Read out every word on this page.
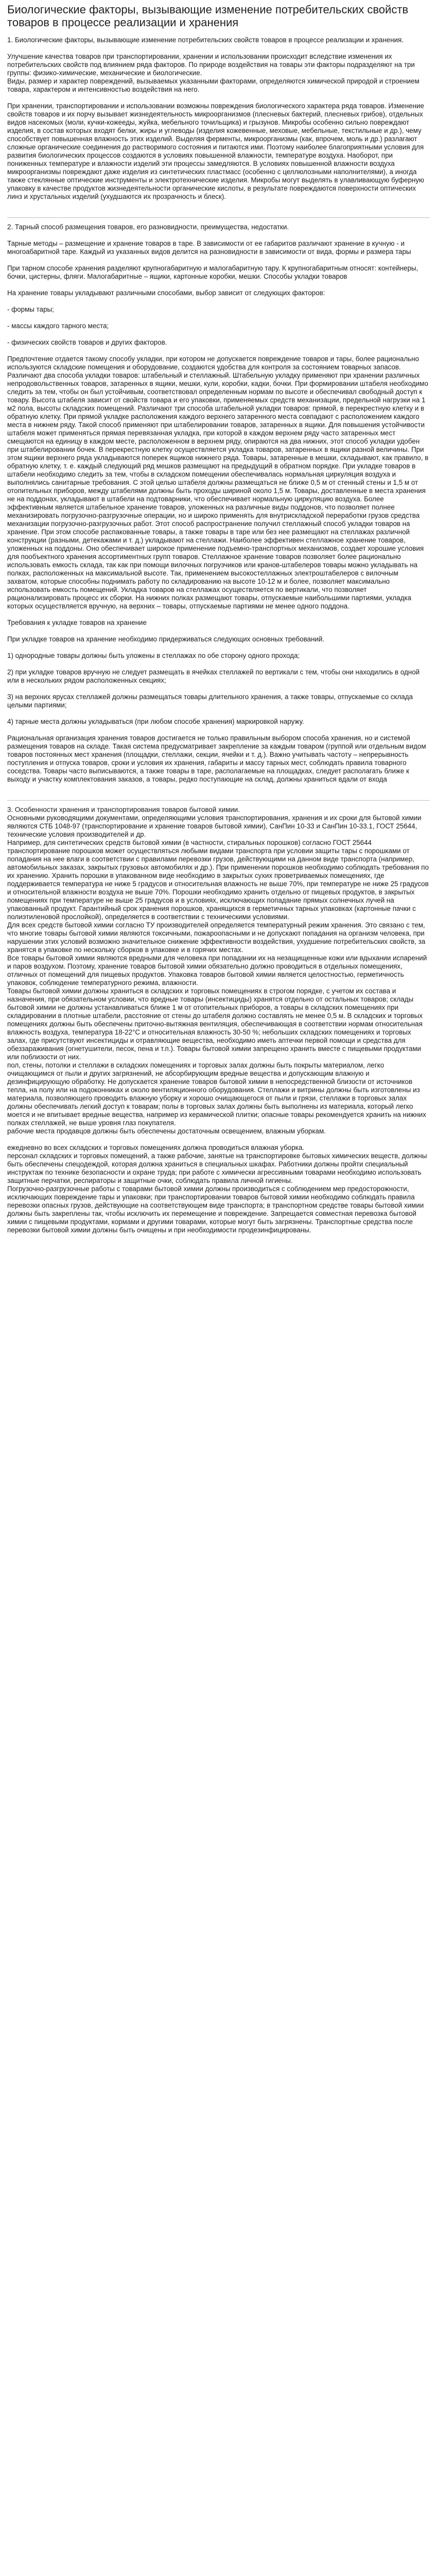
Биологические факторы, вызывающие изменение потребительских свойств товаров в процессе реализации и хранения

1. Биологические факторы, вызывающие изменение потребительских свойств товаров в процессе реализации и хранения.

Улучшение качества товаров при транспортировании, хранении и использовании происходит вследствие изменения их потребительских свойств под влиянием ряда факторов. По природе воздействия на товары эти факторы подразделяют на три группы: физико-химические, механические и биологические.

Виды, размер и характер повреждений, вызываемых указанными факторами, определяются химической природой и строением товара, характером и интенсивностью воздействия на него.

При хранении, транспортировании и использовании возможны повреждения биологического характера ряда товаров. Изменение свойств товаров и их порчу вызывает жизнедеятельность микроорганизмов (плесневых бактерий, плесневых грибов), отдельных видов насекомых (моли, кучки-кожееды, жуйка, мебельного точильщика) и грызунов. Микробы особенно сильно повреждают изделия, в состав которых входят белки, жиры и углеводы (изделия кожевенные, меховые, мебельные, текстильные и др.), чему способствует повышенная влажность этих изделий. Выделяя ферменты, микроорганизмы (как, впрочем, моль и др.) разлагают сложные органические соединения до растворимого состояния и питаются ими. Поэтому наиболее благоприятными условия для развития биологических процессов создаются в условиях повышенной влажности, температуре воздуха. Наоборот, при пониженных температуре и влажности изделий эти процессы замедляются. В условиях повышенной влажности воздуха микроорганизмы повреждают даже изделия из синтетических пластмасс (особенно с целлюлозными наполнителями), а иногда также стеклянные оптические инструменты и электротехнические изделия. Микробы могут выделять в улавливающую буферную упаковку в качестве продуктов жизнедеятельности органические кислоты, в результате повреждаются поверхности оптических линз и хрустальных изделий (ухудшаются их прозрачность и блеск).

2. Тарный способ размещения товаров, его разновидности, преимущества, недостатки.

Тарные методы – размещение и хранение товаров в таре. В зависимости от ее габаритов различают хранение в кучную - и многоабаритной таре. Каждый из указанных видов делится на разновидности в зависимости от вида, формы и размера тары

При тарном способе хранения разделяют крупногабаритную и малогабаритную тару. К крупногабаритным относят: контейнеры, бочки, цистерны, фляги. Малогабаритные – ящики, картонные коробки, мешки. Способы укладки товаров

На хранение товары укладывают различными способами, выбор зависит от следующих факторов:

- формы тары;

- массы каждого тарного места;

- физических свойств товаров и других факторов.

Предпочтение отдается такому способу укладки, при котором не допускается повреждение товаров и тары, более рационально используются складские помещения и оборудование, создаются удобства для контроля за состоянием товарных запасов. Различают два способа укладки товаров: штабельный и стеллажный. Штабельную укладку применяют при хранении различных непродовольственных товаров, затаренных в ящики, мешки, кули, коробки, кадки, бочки. При формировании штабеля необходимо следить за тем, чтобы он был устойчивым, соответствовал определенным нормам по высоте и обеспечивал свободный доступ к товару. Высота штабеля зависит от свойств товара и его упаковки, применяемых средств механизации, предельной нагрузки на 1 м2 пола, высоты складских помещений. Различают три способа штабельной укладки товаров: прямой, в перекрестную клетку и в обратную клетку. При прямой укладке расположения каждого верхнего затаренного места совпадают с расположением каждого места в нижнем ряду. Такой способ применяют при штабелировании товаров, затаренных в ящики. Для повышения устойчивости штабеля может применяться прямая перевязанная укладка, при которой в каждом верхнем ряду часто затаренных мест смещаются на единицу в каждом месте, расположенном в верхнем ряду, опираются на два нижних, этот способ укладки удобен при штабелировании бочек. В перекрестную клетку осуществляется укладка товаров, затаренных в ящики разной величины. При этом ящики верхнего ряда укладываются поперек ящиков нижнего ряда. Товары, затаренные в мешки, складывают, как правило, в обратную клетку, т. е. каждый следующий ряд мешков размещают на предыдущий в обратном порядке. При укладке товаров в штабели необходимо следить за тем, чтобы в складском помещении обеспечивалась нормальная циркуляция воздуха и выполнялись санитарные требования. С этой целью штабеля должны размещаться не ближе 0,5 м от стенный стены и 1,5 м от отопительных приборов, между штабелями должны быть проходы шириной около 1,5 м. Товары, доставленные в места хранения не на поддонах, укладывают в штабели на подтоварники, что обеспечивает нормальную циркуляцию воздуха. Более эффективным является штабельное хранение товаров, уложенных на различные виды поддонов, что позволяет полнее механизировать погрузочно-разгрузочные операции, но и широко применять для внутрискладской переработки грузов средства механизации погрузочно-разгрузочных работ. Этот способ распространение получил стеллажный способ укладки товаров на хранение. При этом способе распакованные товары, а также товары в таре или без нее размещают на стеллажах различной конструкции (разными, детекажами и т. д.) укладывают на стеллажи. Наиболее эффективен стеллажное хранение товаров, уложенных на поддоны. Оно обеспечивает широкое применение подъемно-транспортных механизмов, создает хорошие условия для пообъектного хранения ассортиментных групп товаров. Стеллажное хранение товаров позволяет более рационально использовать емкость склада, так как при помощи вилочных погрузчиков или кранов-штабелеров товары можно укладывать на полках, расположенных на максимальной высоте. Так, применением высокостеллажных электроштабелеров с вилочным захватом, которые способны поднимать работу по складированию на высоте 10-12 м и более, позволяет максимально использовать емкость помещений. Укладка товаров на стеллажах осуществляется по вертикали, что позволяет рационализировать процесс их сборки. На нижних полках размещают товары, отпускаемые наибольшими партиями, укладка которых осуществляется вручную, на верхних – товары, отпускаемые партиями не менее одного поддона.

Требования к укладке товаров на хранение

При укладке товаров на хранение необходимо придерживаться следующих основных требований.

1) однородные товары должны быть уложены в стеллажах по обе сторону одного прохода;

2) при укладке товаров вручную не следует размещать в ячейках стеллажей по вертикали с тем, чтобы они находились в одной или в нескольких рядом расположенных секциях;

3) на верхних ярусах стеллажей должны размещаться товары длительного хранения, а также товары, отпускаемые со склада целыми партиями;

4) тарные места должны укладываться (при любом способе хранения) маркировкой наружу.

Рациональная организация хранения товаров достигается не только правильным выбором способа хранения, но и системой размещения товаров на складе. Такая система предусматривает закрепление за каждым товаром (группой или отдельным видом товаров постоянных мест хранения (площадки, стеллажи, секции, ячейки и т. д.). Важно учитывать частоту – непрерывность поступления и отпуска товаров, сроки и условия их хранения, габариты и массу тарных мест, соблюдать правила товарного соседства. Товары часто выписываются, а также товары в таре, располагаемые на площадках, следует располагать ближе к выходу и участку комплектования заказов, а товары, редко поступающие на склад, должны храниться вдали от входа

3. Особенности хранения и транспортирования товаров бытовой химии.

Основными руководящими документами, определяющими условия транспортирования, хранения и их сроки для бытовой химии являются СТБ 1048-97 (транспортирование и хранение товаров бытовой химии), СанПин 10-33 и СанПин 10-33.1, ГОСТ 25644, технические условия производителей и др.

Например, для синтетических средств бытовой химии (в частности, стиральных порошков) согласно ГОСТ 25644 транспортирование порошков может осуществляться любыми видами транспорта при условии защиты тары с порошками от попадания на нее влаги в соответствии с правилами перевозки грузов, действующими на данном виде транспорта (например, автомобильных заказах, закрытых грузовых автомобилях и др.). При применении порошков необходимо соблюдать требования по их хранению. Хранить порошки в упакованном виде необходимо в закрытых сухих проветриваемых помещениях, где поддерживается температура не ниже 5 градусов и относительная влажность не выше 70%, при температуре не ниже 25 градусов и относительной влажности воздуха не выше 70%. Порошки необходимо хранить отдельно от пищевых продуктов, в закрытых помещениях при температуре не выше 25 градусов и в условиях, исключающих попадание прямых солнечных лучей на упакованный продукт. Гарантийный срок хранения порошков, хранящихся в герметичных тарных упаковках (картонные пачки с полиэтиленовой прослойкой), определяется в соответствии с техническими условиями.

Для всех средств бытовой химии согласно ТУ производителей определяется температурный режим хранения. Это связано с тем, что многие товары бытовой химии являются токсичными, пожароопасными и не допускают попадания на организм человека, при нарушении этих условий возможно значительное снижение эффективности воздействия, ухудшение потребительских свойств, за хранятся в упаковке по нескольку сборков в упаковке и в горячих местах.

Все товары бытовой химии являются вредными для человека при попадании их на незащищенные кожи или вдыхании испарений и паров воздухом. Поэтому, хранение товаров бытовой химии обязательно должно проводиться в отдельных помещениях, отличных от помещений для пищевых продуктов. Упаковка товаров бытовой химии является целостностью, герметичность упаковок, соблюдение температурного режима, влажности.

Товары бытовой химии должны храниться в складских и торговых помещениях в строгом порядке, с учетом их состава и назначения, при обязательном условии, что вредные товары (инсектициды) хранятся отдельно от остальных товаров; склады бытовой химии не должны устанавливаться ближе 1 м от отопительных приборов, а товары в складских помещениях при складировании в плотные штабели, расстояние от стены до штабеля должно составлять не менее 0,5 м. В складских и торговых помещениях должны быть обеспечены приточно-вытяжная вентиляция, обеспечивающая в соответствии нормам относительная влажность воздуха, температура 18-22°С и относительная влажность 30-50 %; небольших складских помещениях и торговых залах, где присутствуют инсектициды и отравляющие вещества, необходимо иметь аптечки первой помощи и средства для обеззараживания (огнетушители, песок, пена и т.п.). Товары бытовой химии запрещено хранить вместе с пищевыми продуктами или поблизости от них.

пол, стены, потолки и стеллажи в складских помещениях и торговых залах должны быть покрыты материалом, легко очищающимся от пыли и других загрязнений, не абсорбирующим вредные вещества и допускающим влажную и дезинфицирующую обработку. Не допускается хранение товаров бытовой химии в непосредственной близости от источников тепла, на полу или на подоконниках и около вентиляционного оборудования. Стеллажи и витрины должны быть изготовлены из материала, позволяющего проводить влажную уборку и хорошо очищающегося от пыли и грязи, стеллажи в торговых залах должны обеспечивать легкий доступ к товарам; полы в торговых залах должны быть выполнены из материала, который легко моется и не впитывает вредные вещества, например из керамической плитки; опасные товары рекомендуется хранить на нижних полках стеллажей, не выше уровня глаз покупателя.

рабочие места продавцов должны быть обеспечены достаточным освещением, влажным уборкам.

ежедневно во всех складских и торговых помещениях должна проводиться влажная уборка.

персонал складских и торговых помещений, а также рабочие, занятые на транспортировке бытовых химических веществ, должны быть обеспечены спецодеждой, которая должна храниться в специальных шкафах. Работники должны пройти специальный инструктаж по технике безопасности и охране труда; при работе с химически агрессивными товарами необходимо использовать защитные перчатки, респираторы и защитные очки, соблюдать правила личной гигиены.

Погрузочно-разгрузочные работы с товарами бытовой химии должны производиться с соблюдением мер предосторожности, исключающих повреждение тары и упаковки; при транспортировании товаров бытовой химии необходимо соблюдать правила перевозки опасных грузов, действующие на соответствующем виде транспорта; в транспортном средстве товары бытовой химии должны быть закреплены так, чтобы исключить их перемещение и повреждение. Запрещается совместная перевозка бытовой химии с пищевыми продуктами, кормами и другими товарами, которые могут быть загрязнены. Транспортные средства после перевозки бытовой химии должны быть очищены и при необходимости продезинфицированы.
